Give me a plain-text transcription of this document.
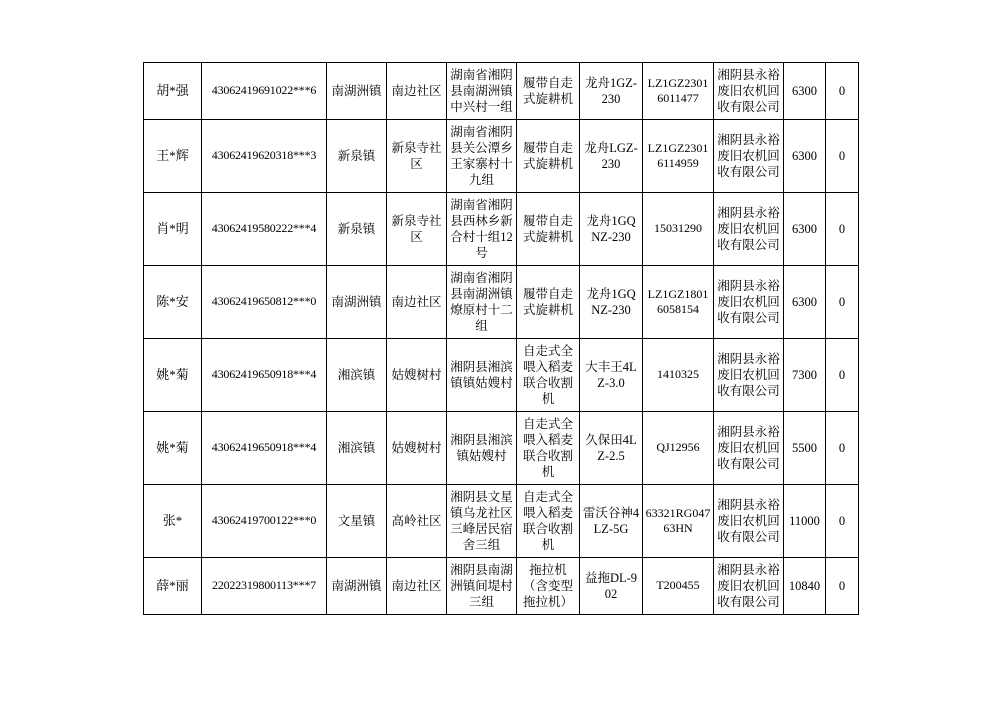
胡*强	43062419691022***6	南湖洲镇	南边社区	湖南省湘阴县南湖洲镇中兴村一组	履带自走式旋耕机	龙舟1GZ-230	LZ1GZ23016011477	湘阴县永裕废旧农机回收有限公司	6300	0
王*辉	43062419620318***3	新泉镇	新泉寺社区	湖南省湘阴县关公潭乡王家寨村十九组	履带自走式旋耕机	龙舟LGZ-230	LZ1GZ23016114959	湘阴县永裕废旧农机回收有限公司	6300	0
肖*明	43062419580222***4	新泉镇	新泉寺社区	湖南省湘阴县西林乡新合村十组12号	履带自走式旋耕机	龙舟1GQNZ-230	15031290	湘阴县永裕废旧农机回收有限公司	6300	0
陈*安	43062419650812***0	南湖洲镇	南边社区	湖南省湘阴县南湖洲镇燎原村十二组	履带自走式旋耕机	龙舟1GQNZ-230	LZ1GZ18016058154	湘阴县永裕废旧农机回收有限公司	6300	0
姚*菊	43062419650918***4	湘滨镇	姑嫂树村	湘阴县湘滨镇镇姑嫂村	自走式全喂入稻麦联合收割机	大丰王4LZ-3.0	1410325	湘阴县永裕废旧农机回收有限公司	7300	0
姚*菊	43062419650918***4	湘滨镇	姑嫂树村	湘阴县湘滨镇姑嫂村	自走式全喂入稻麦联合收割机	久保田4LZ-2.5	QJ12956	湘阴县永裕废旧农机回收有限公司	5500	0
张*	43062419700122***0	文星镇	高岭社区	湘阴县文星镇乌龙社区三峰居民宿舍三组	自走式全喂入稻麦联合收割机	雷沃谷神4LZ-5G	63321RG04763HN	湘阴县永裕废旧农机回收有限公司	11000	0
薛*丽	22022319800113***7	南湖洲镇	南边社区	湘阴县南湖洲镇间堤村三组	拖拉机（含变型拖拉机）	益拖DL-902	T200455	湘阴县永裕废旧农机回收有限公司	10840	0
